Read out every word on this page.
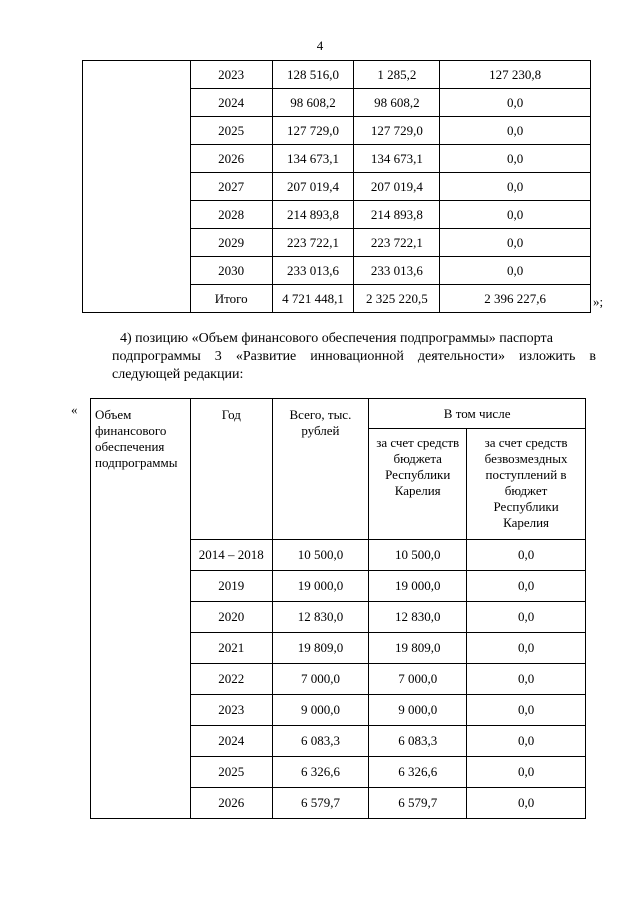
4
	2023	128 516,0	1 285,2	127 230,8
	2024	98 608,2	98 608,2	0,0
	2025	127 729,0	127 729,0	0,0
	2026	134 673,1	134 673,1	0,0
	2027	207 019,4	207 019,4	0,0
	2028	214 893,8	214 893,8	0,0
	2029	223 722,1	223 722,1	0,0
	2030	233 013,6	233 013,6	0,0
	Итого	4 721 448,1	2 325 220,5	2 396 227,6	»;
4) позицию «Объем финансового обеспечения подпрограммы» паспорта
подпрограммы 3 «Развитие инновационной деятельности» изложить в
следующей редакции:
« Объем финансового обеспечения подпрограммы	Год	Всего, тыс. рублей	В том числе	
			за счет средств бюджета Республики Карелия	за счет средств безвозмездных поступлений в бюджет Республики Карелия
	2014 – 2018	10 500,0	10 500,0	0,0
	2019	19 000,0	19 000,0	0,0
	2020	12 830,0	12 830,0	0,0
	2021	19 809,0	19 809,0	0,0
	2022	7 000,0	7 000,0	0,0
	2023	9 000,0	9 000,0	0,0
	2024	6 083,3	6 083,3	0,0
	2025	6 326,6	6 326,6	0,0
	2026	6 579,7	6 579,7	0,0
